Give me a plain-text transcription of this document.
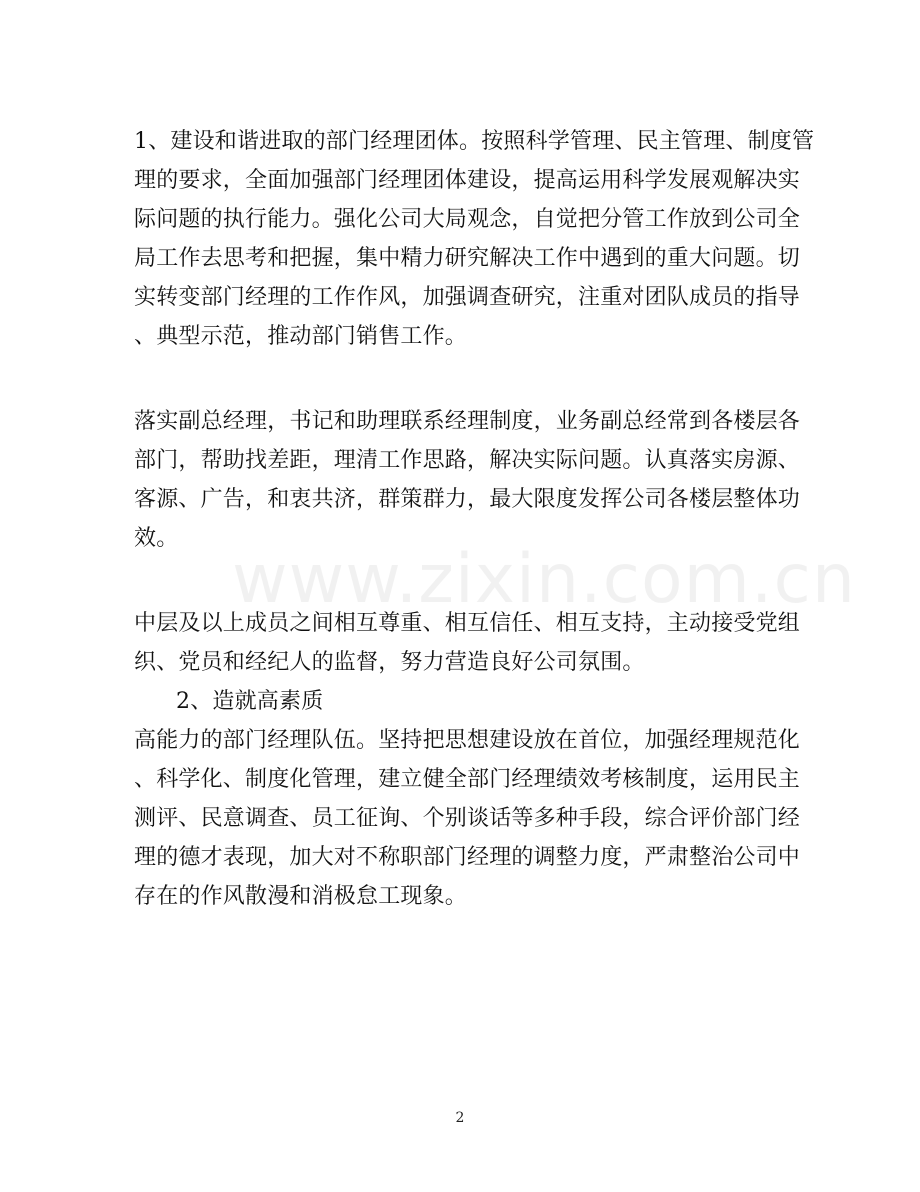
www.zixin.com.cn
1、建设和谐进取的部门经理团体。按照科学管理、民主管理、制度管
理的要求，全面加强部门经理团体建设，提高运用科学发展观解决实
际问题的执行能力。强化公司大局观念，自觉把分管工作放到公司全
局工作去思考和把握，集中精力研究解决工作中遇到的重大问题。切
实转变部门经理的工作作风，加强调查研究，注重对团队成员的指导
、典型示范，推动部门销售工作。
落实副总经理，书记和助理联系经理制度，业务副总经常到各楼层各
部门，帮助找差距，理清工作思路，解决实际问题。认真落实房源、
客源、广告，和衷共济，群策群力，最大限度发挥公司各楼层整体功
效。
中层及以上成员之间相互尊重、相互信任、相互支持，主动接受党组
织、党员和经纪人的监督，努力营造良好公司氛围。
2、造就高素质
高能力的部门经理队伍。坚持把思想建设放在首位，加强经理规范化
、科学化、制度化管理，建立健全部门经理绩效考核制度，运用民主
测评、民意调查、员工征询、个别谈话等多种手段，综合评价部门经
理的德才表现，加大对不称职部门经理的调整力度，严肃整治公司中
存在的作风散漫和消极怠工现象。
2
